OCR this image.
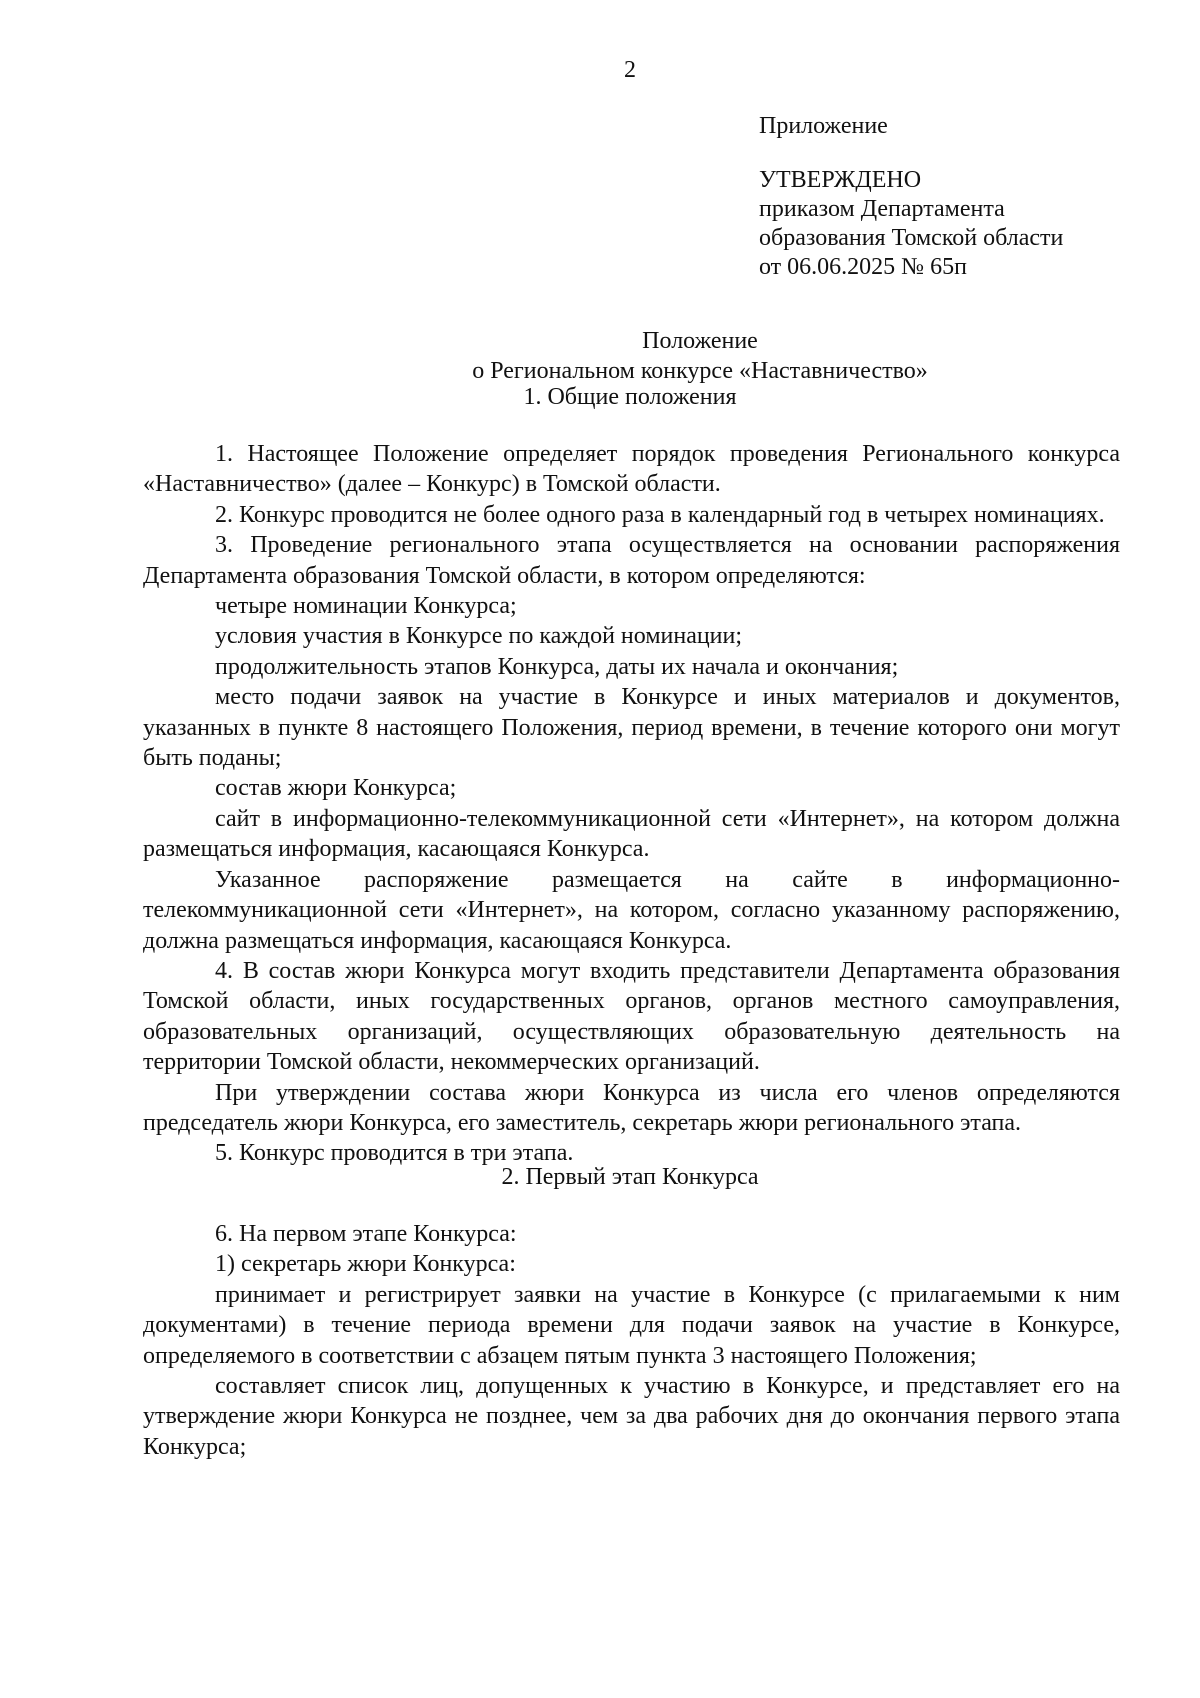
2
Приложение
УТВЕРЖДЕНО
приказом Департамента
образования Томской области
от 06.06.2025 № 65п
Положение
о Региональном конкурсе «Наставничество»
1. Общие положения

1. Настоящее Положение определяет порядок проведения Регионального конкурса «Наставничество» (далее – Конкурс) в Томской области.

2. Конкурс проводится не более одного раза в календарный год в четырех номинациях.

3. Проведение регионального этапа осуществляется на основании распоряжения Департамента образования Томской области, в котором определяются:

четыре номинации Конкурса;

условия участия в Конкурсе по каждой номинации;

продолжительность этапов Конкурса, даты их начала и окончания;

место подачи заявок на участие в Конкурсе и иных материалов и документов, указанных в пункте 8 настоящего Положения, период времени, в течение которого они могут быть поданы;

состав жюри Конкурса;

сайт в информационно-телекоммуникационной сети «Интернет», на котором должна размещаться информация, касающаяся Конкурса.

Указанное распоряжение размещается на сайте в информационно-телекоммуникационной сети «Интернет», на котором, согласно указанному распоряжению, должна размещаться информация, касающаяся Конкурса.

4. В состав жюри Конкурса могут входить представители Департамента образования Томской области, иных государственных органов, органов местного самоуправления, образовательных организаций, осуществляющих образовательную деятельность на территории Томской области, некоммерческих организаций.

При утверждении состава жюри Конкурса из числа его членов определяются председатель жюри Конкурса, его заместитель, секретарь жюри регионального этапа.

5. Конкурс проводится в три этапа.

2. Первый этап Конкурса

6. На первом этапе Конкурса:

1) секретарь жюри Конкурса:

принимает и регистрирует заявки на участие в Конкурсе (с прилагаемыми к ним документами) в течение периода времени для подачи заявок на участие в Конкурсе, определяемого в соответствии с абзацем пятым пункта 3 настоящего Положения;

составляет список лиц, допущенных к участию в Конкурсе, и представляет его на утверждение жюри Конкурса не позднее, чем за два рабочих дня до окончания первого этапа Конкурса;
